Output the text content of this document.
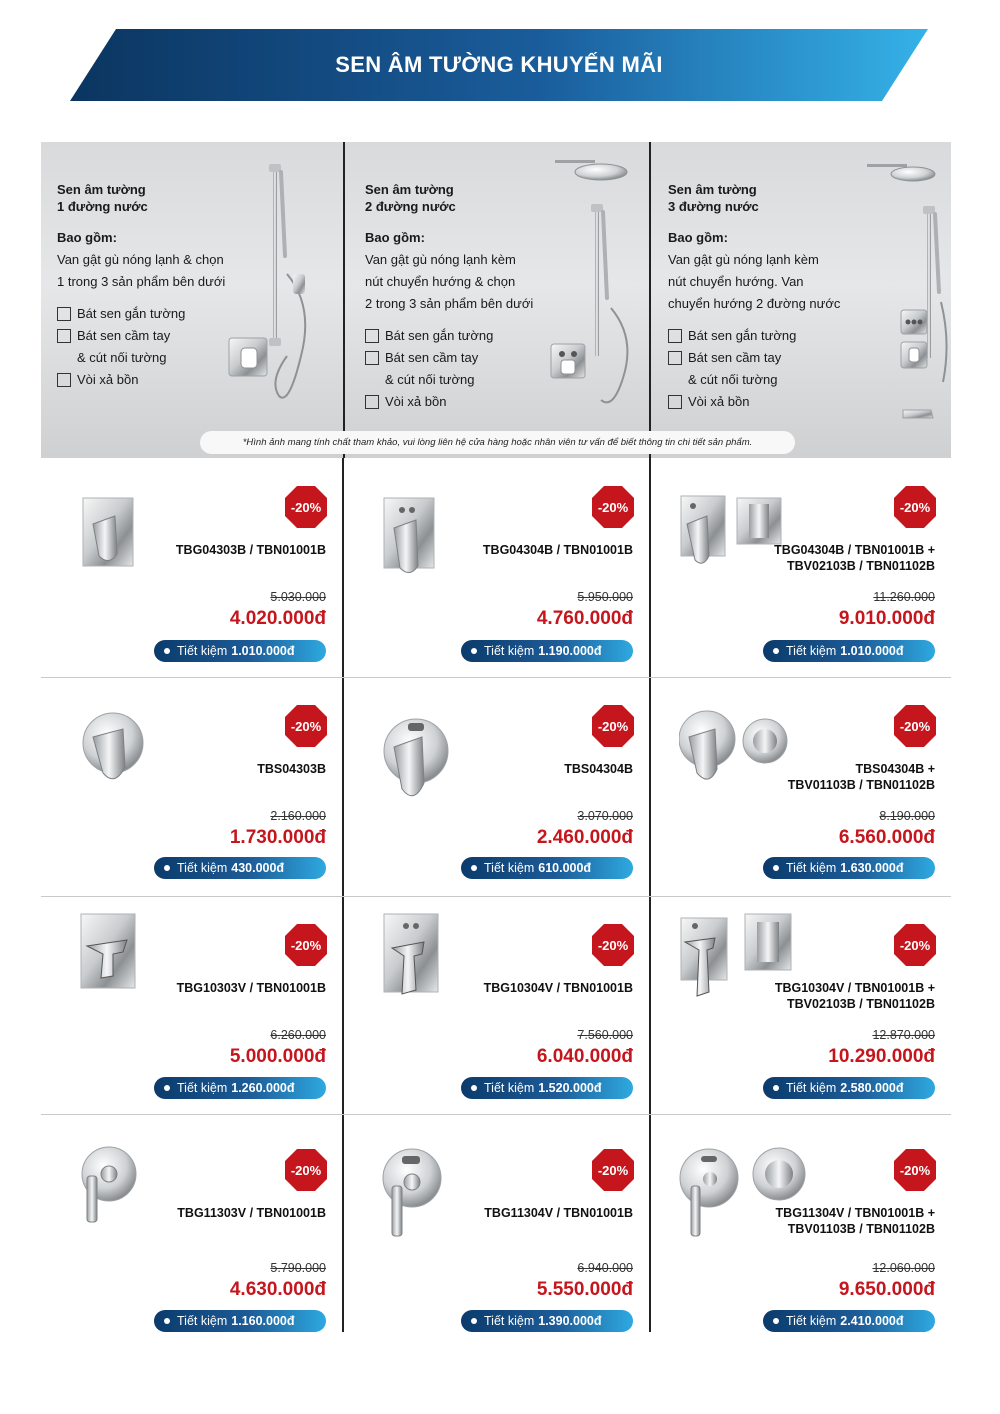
SEN ÂM TƯỜNG KHUYẾN MÃI
Sen âm tường
1 đường nước
Bao gồm:
Van gật gù nóng lạnh & chọn
1 trong 3 sản phẩm bên dưới
Bát sen gắn tường
Bát sen cầm tay
& cút nối tường
Vòi xả bồn
Sen âm tường
2 đường nước
Bao gồm:
Van gật gù nóng lạnh kèm
nút chuyển hướng & chọn
2 trong 3 sản phẩm bên dưới
Bát sen gắn tường
Bát sen cầm tay
& cút nối tường
Vòi xả bồn
Sen âm tường
3 đường nước
Bao gồm:
Van gật gù nóng lạnh kèm
nút chuyển hướng. Van
chuyển hướng 2 đường nước
Bát sen gắn tường
Bát sen cầm tay
& cút nối tường
Vòi xả bồn
*Hình ảnh mang tính chất tham khảo, vui lòng liên hệ cửa hàng hoặc nhân viên tư vấn để biết thông tin chi tiết sản phẩm.
-20%
TBG04303B / TBN01001B
5.030.000
4.020.000đ
Tiết kiệm 1.010.000đ
-20%
TBG04304B / TBN01001B
5.950.000
4.760.000đ
Tiết kiệm 1.190.000đ
-20%
TBG04304B / TBN01001B +
TBV02103B / TBN01102B
11.260.000
9.010.000đ
Tiết kiệm 1.010.000đ
-20%
TBS04303B
2.160.000
1.730.000đ
Tiết kiệm 430.000đ
-20%
TBS04304B
3.070.000
2.460.000đ
Tiết kiệm 610.000đ
-20%
TBS04304B +
TBV01103B / TBN01102B
8.190.000
6.560.000đ
Tiết kiệm 1.630.000đ
-20%
TBG10303V / TBN01001B
6.260.000
5.000.000đ
Tiết kiệm 1.260.000đ
-20%
TBG10304V / TBN01001B
7.560.000
6.040.000đ
Tiết kiệm 1.520.000đ
-20%
TBG10304V / TBN01001B +
TBV02103B / TBN01102B
12.870.000
10.290.000đ
Tiết kiệm 2.580.000đ
-20%
TBG11303V / TBN01001B
5.790.000
4.630.000đ
Tiết kiệm 1.160.000đ
-20%
TBG11304V / TBN01001B
6.940.000
5.550.000đ
Tiết kiệm 1.390.000đ
-20%
TBG11304V / TBN01001B +
TBV01103B / TBN01102B
12.060.000
9.650.000đ
Tiết kiệm 2.410.000đ
